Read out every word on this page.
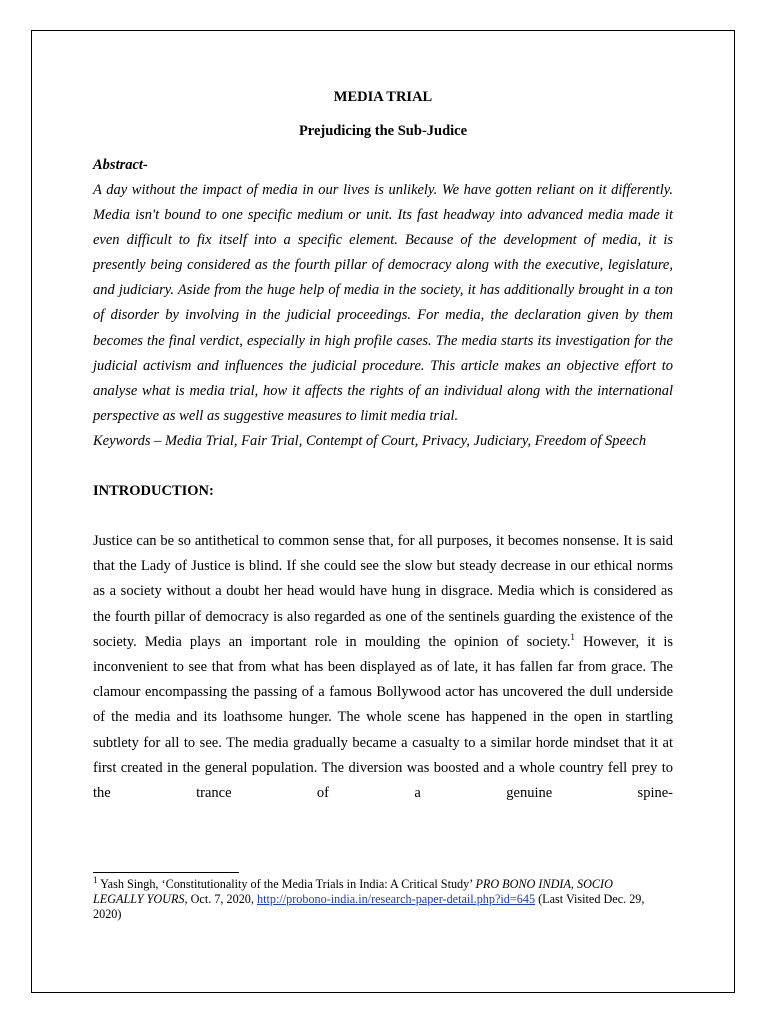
MEDIA TRIAL

Prejudicing the Sub-Judice

Abstract-

A day without the impact of media in our lives is unlikely. We have gotten reliant on it differently. Media isn't bound to one specific medium or unit. Its fast headway into advanced media made it even difficult to fix itself into a specific element. Because of the development of media, it is presently being considered as the fourth pillar of democracy along with the executive, legislature, and judiciary. Aside from the huge help of media in the society, it has additionally brought in a ton of disorder by involving in the judicial proceedings. For media, the declaration given by them becomes the final verdict, especially in high profile cases. The media starts its investigation for the judicial activism and influences the judicial procedure. This article makes an objective effort to analyse what is media trial, how it affects the rights of an individual along with the international perspective as well as suggestive measures to limit media trial.

Keywords – Media Trial, Fair Trial, Contempt of Court, Privacy, Judiciary, Freedom of Speech

INTRODUCTION:

Justice can be so antithetical to common sense that, for all purposes, it becomes nonsense. It is said that the Lady of Justice is blind. If she could see the slow but steady decrease in our ethical norms as a society without a doubt her head would have hung in disgrace. Media which is considered as the fourth pillar of democracy is also regarded as one of the sentinels guarding the existence of the society. Media plays an important role in moulding the opinion of society.$^1$ However, it is inconvenient to see that from what has been displayed as of late, it has fallen far from grace. The clamour encompassing the passing of a famous Bollywood actor has uncovered the dull underside of the media and its loathsome hunger. The whole scene has happened in the open in startling subtlety for all to see. The media gradually became a casualty to a similar horde mindset that it at first created in the general population. The diversion was boosted and a whole country fell prey to the trance of a genuine spine-

$^1$ Yash Singh, ‘Constitutionality of the Media Trials in India: A Critical Study’ PRO BONO INDIA, SOCIO LEGALLY YOURS, Oct. 7, 2020, http://probono-india.in/research-paper-detail.php?id=645 (Last Visited Dec. 29, 2020)
